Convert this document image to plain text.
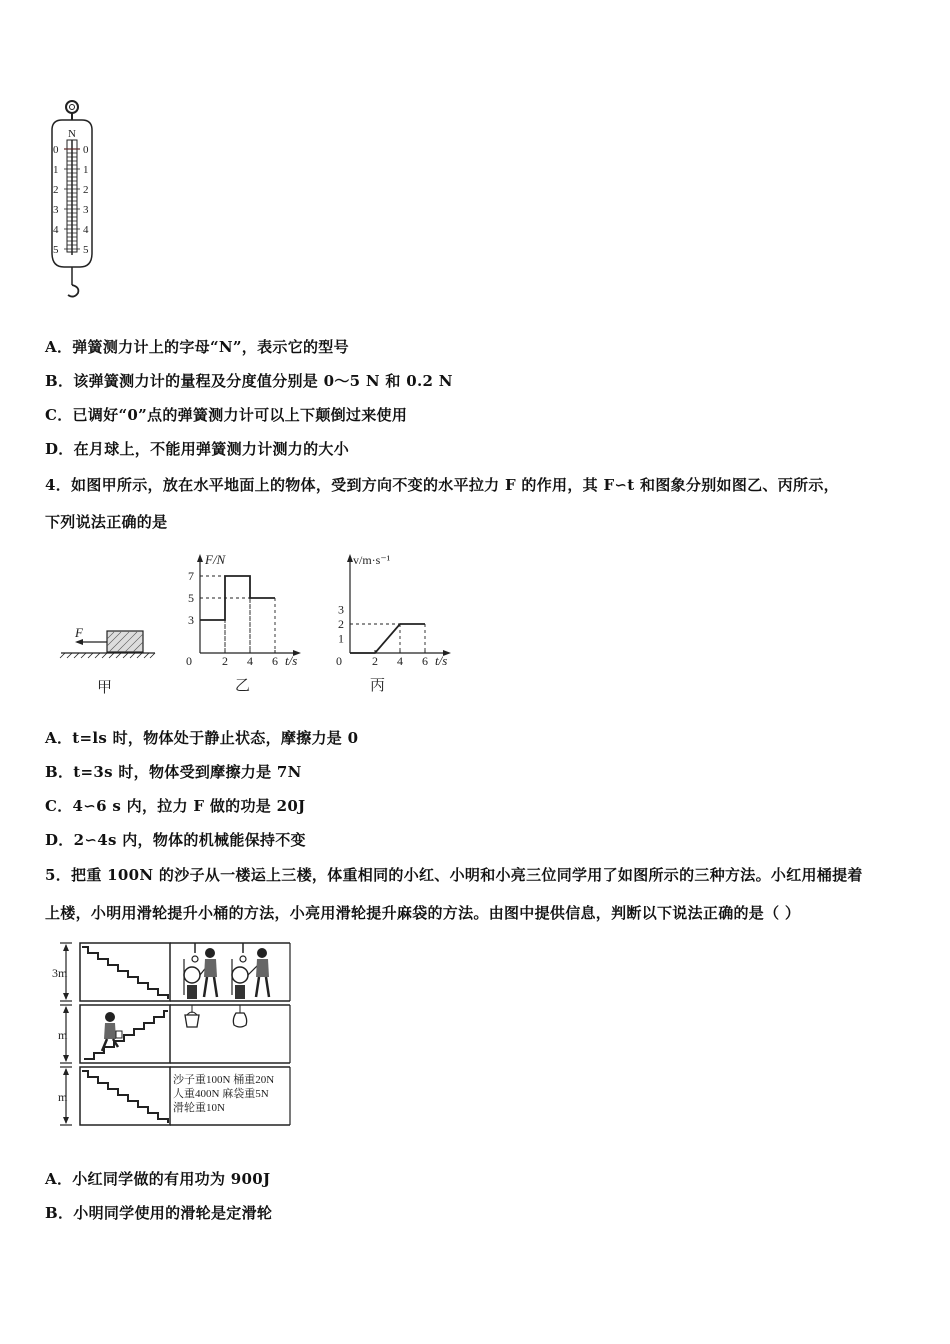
N
0
1
2
3
4
5
0
1
2
3
4
5
A．弹簧测力计上的字母“N”，表示它的型号
B．该弹簧测力计的量程及分度值分别是 0～5 N 和 0.2 N
C．已调好“0”点的弹簧测力计可以上下颠倒过来使用
D．在月球上，不能用弹簧测力计测力的大小
4．如图甲所示，放在水平地面上的物体，受到方向不变的水平拉力 F 的作用，其 F∽t 和图象分别如图乙、丙所示，
下列说法正确的是
F
甲
F/N
t/s
乙
0	2 4 6
3
5
7
v/m·s⁻¹
t/s
丙
0	2 4 6
1
2
3
A．t=ls 时，物体处于静止状态，摩擦力是 0
B．t=3s 时，物体受到摩擦力是 7N
C．4∽6 s 内，拉力 F 做的功是 20J
D．2∽4s 内，物体的机械能保持不变
5．把重 100N 的沙子从一楼运上三楼，体重相同的小红、小明和小亮三位同学用了如图所示的三种方法。小红用桶提着
上楼，小明用滑轮提升小桶的方法，小亮用滑轮提升麻袋的方法。由图中提供信息，判断以下说法正确的是（ ）
3m
m
m
沙子重100N 桶重20N
人重400N 麻袋重5N
滑轮重10N
A．小红同学做的有用功为 900J
B．小明同学使用的滑轮是定滑轮
